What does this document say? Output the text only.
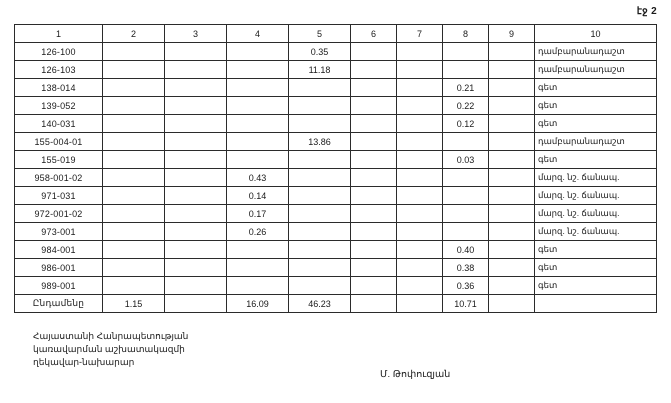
էջ 2
1	2	3	4	5	6	7	8	9	10
126-100				0.35					դամբարանադաշտ
126-103				11.18					դամբարանադաշտ
138-014							0.21		գետ
139-052							0.22		գետ
140-031							0.12		գետ
155-004-01				13.86					դամբարանադաշտ
155-019							0.03		գետ
958-001-02			0.43						մարզ. նշ. ճանապ.
971-031			0.14						մարզ. նշ. ճանապ.
972-001-02			0.17						մարզ. նշ. ճանապ.
973-001			0.26						մարզ. նշ. ճանապ.
984-001							0.40		գետ
986-001							0.38		գետ
989-001							0.36		գետ
Ընդամենը	1.15		16.09	46.23			10.71		
Հայաստանի Հանրապետության
կառավարման աշխատակազմի
ղեկավար-նախարար
Մ. Թոփուզյան
